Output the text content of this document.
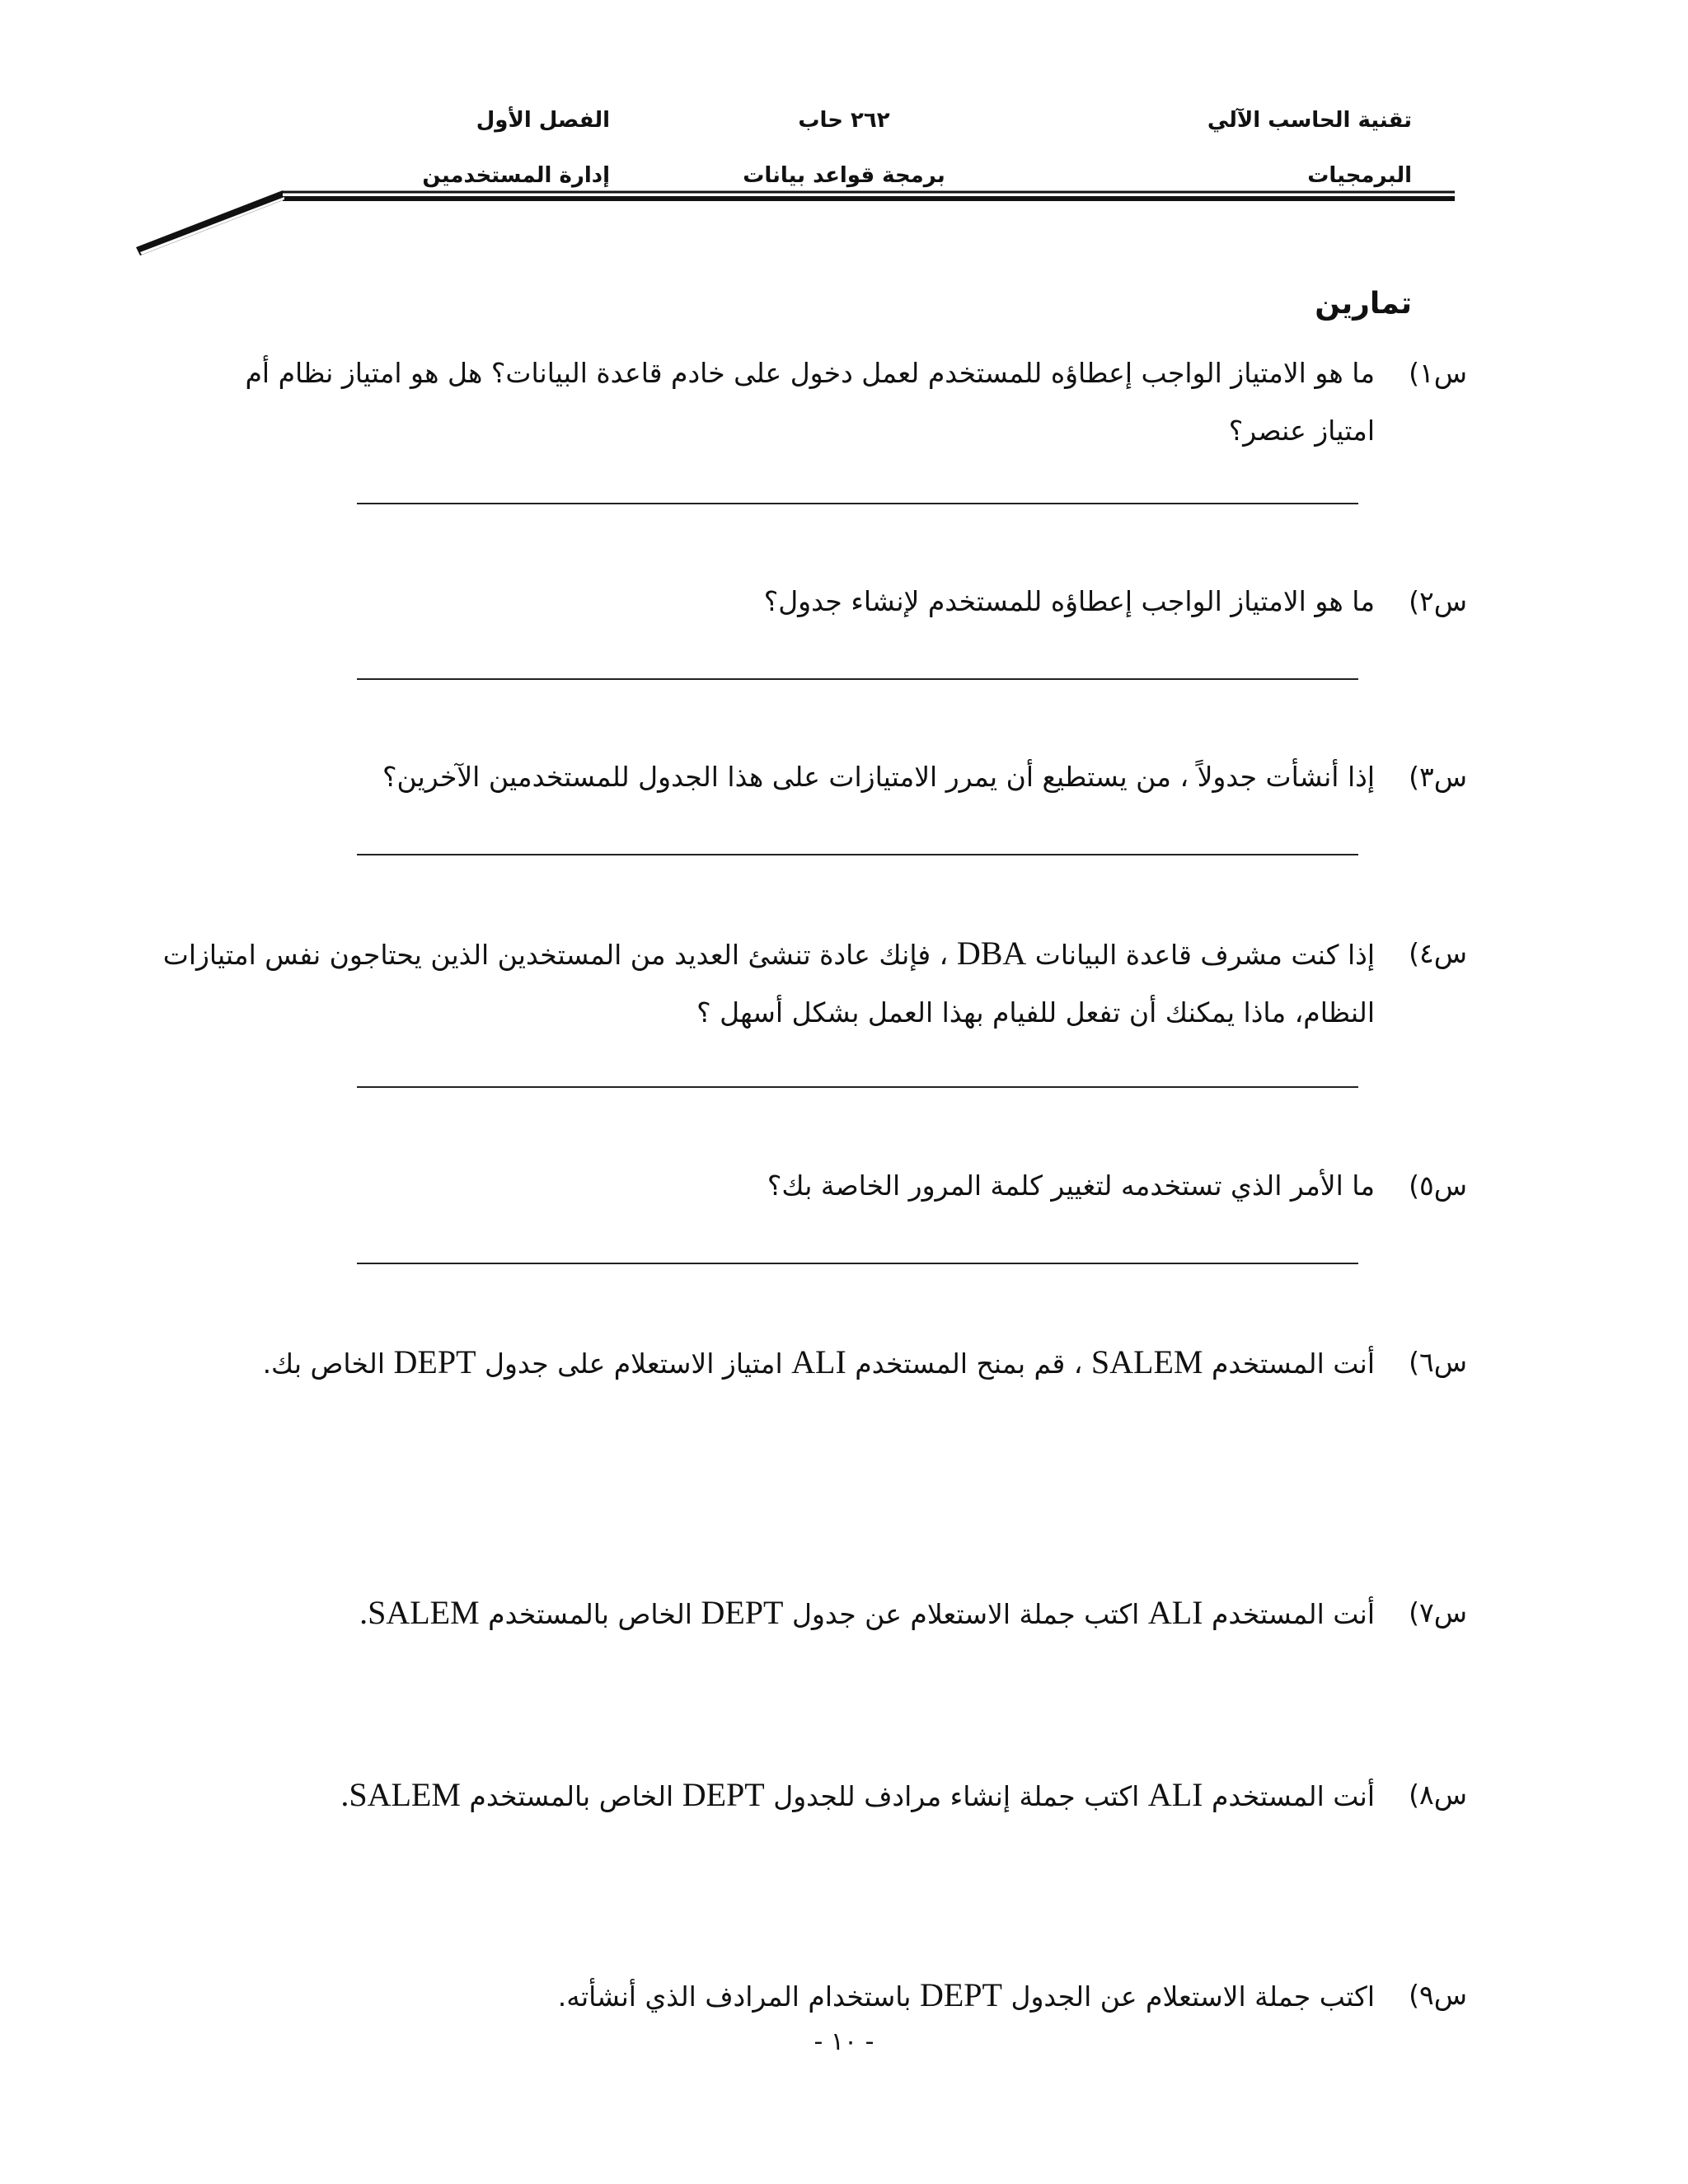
تقنية الحاسب الآلي
البرمجيات
٢٦٢ حاب
برمجة قواعد بيانات
الفصل الأول
إدارة المستخدمين
تمارين
س١)
ما هو الامتياز الواجب إعطاؤه للمستخدم لعمل دخول على خادم قاعدة البيانات؟ هل هو امتياز نظام أم امتياز عنصر؟
س٢)
ما هو الامتياز الواجب إعطاؤه للمستخدم لإنشاء جدول؟
س٣)
إذا أنشأت جدولاً ، من يستطيع أن يمرر الامتيازات على هذا الجدول للمستخدمين الآخرين؟
س٤)
إذا كنت مشرف قاعدة البيانات DBA ، فإنك عادة تنشئ العديد من المستخدين الذين يحتاجون نفس امتيازات النظام، ماذا يمكنك أن تفعل للفيام بهذا العمل بشكل أسهل ؟
س٥)
ما الأمر الذي تستخدمه لتغيير كلمة المرور الخاصة بك؟
س٦)
أنت المستخدم SALEM ، قم بمنح المستخدم ALI امتياز الاستعلام على جدول DEPT الخاص بك.
س٧)
أنت المستخدم ALI اكتب جملة الاستعلام عن جدول DEPT الخاص بالمستخدم SALEM.
س٨)
أنت المستخدم ALI اكتب جملة إنشاء مرادف للجدول DEPT الخاص بالمستخدم SALEM.
س٩)
اكتب جملة الاستعلام عن الجدول DEPT باستخدام المرادف الذي أنشأته.
- ١٠ -
